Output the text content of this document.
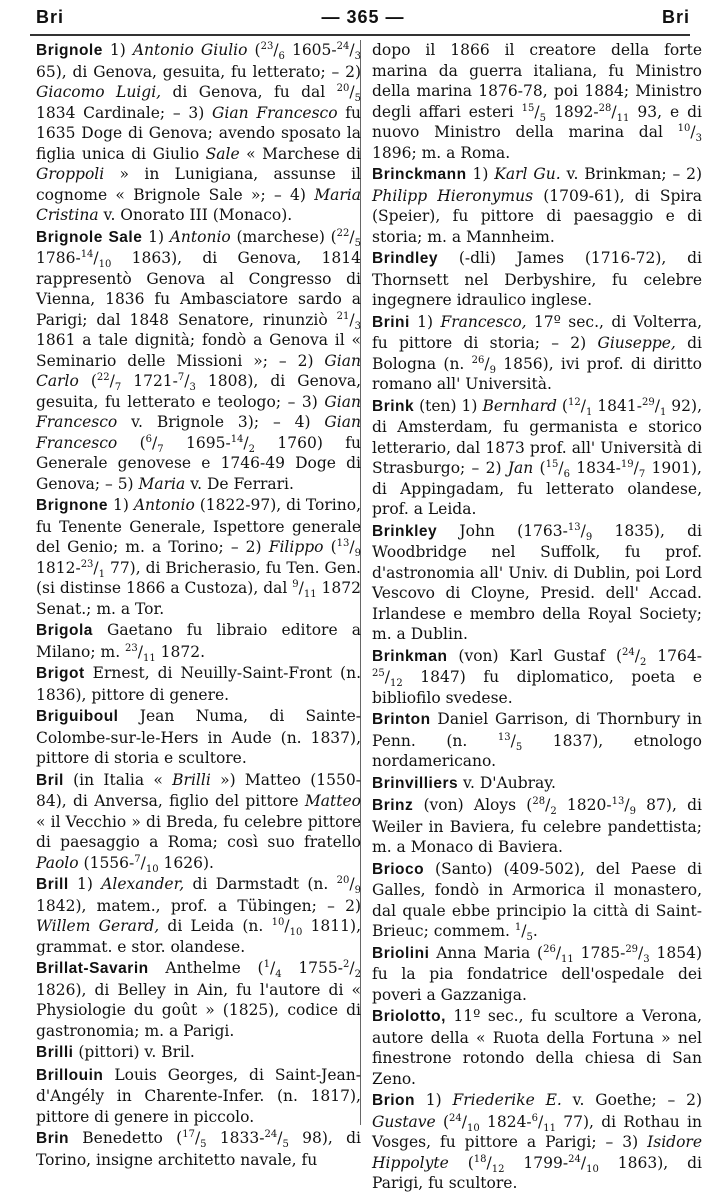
Bri	— 365 —	Bri
Brignole 1) Antonio Giulio ($^{23}/_6$ $1605-^{24}/_3$ 65), di Genova, gesuita, fu letterato; – 2) Giacomo Luigi, di Genova, fu dal $^{20}/_5$ 1834 Cardinale; – 3) Gian Francesco fu 1635 Doge di Genova; avendo sposato la figlia unica di Giulio Sale « Marchese di Groppoli » in Lunigiana, assunse il cognome « Brignole Sale »; – 4) Maria Cristina v. Onorato III (Monaco).
Brignole Sale 1) Antonio (marchese) ($^{22}/_5$ $1786-^{14}/_{10}$ 1863), di Genova, 1814 rappresentò Genova al Congresso di Vienna, 1836 fu Ambasciatore sardo a Parigi; dal 1848 Senatore, rinunziò $^{21}/_3$ 1861 a tale dignità; fondò a Genova il « Seminario delle Missioni »; – 2) Gian Carlo ($^{22}/_7$ $1721-^7/_3$ 1808), di Genova, gesuita, fu letterato e teologo; – 3) Gian Francesco v. Brignole 3); – 4) Gian Francesco ($^6/_7$ $1695-^{14}/_2$ 1760) fu Generale genovese e 1746-49 Doge di Genova; – 5) Maria v. De Ferrari.
Brignone 1) Antonio (1822-97), di Torino, fu Tenente Generale, Ispettore generale del Genio; m. a Torino; – 2) Filippo ($^{13}/_9$ $1812-^{23}/_1$ 77), di Bricherasio, fu Ten. Gen. (si distinse 1866 a Custoza), dal $^9/_{11}$ 1872 Senat.; m. a Tor.
Brigola Gaetano fu libraio editore a Milano; m. $^{23}/_{11}$ 1872.
Brigot Ernest, di Neuilly-Saint-Front (n. 1836), pittore di genere.
Briguiboul Jean Numa, di Sainte-Colombe-sur-le-Hers in Aude (n. 1837), pittore di storia e scultore.
Bril (in Italia « Brilli ») Matteo (1550-84), di Anversa, figlio del pittore Matteo « il Vecchio » di Breda, fu celebre pittore di paesaggio a Roma; così suo fratello Paolo ($1556-^7/_{10}$ 1626).
Brill 1) Alexander, di Darmstadt (n. $^{20}/_9$ 1842), matem., prof. a Tübingen; – 2) Willem Gerard, di Leida (n. $^{10}/_{10}$ 1811), grammat. e stor. olandese.
Brillat-Savarin Anthelme ($^1/_4$ $1755-^2/_2$ 1826), di Belley in Ain, fu l'autore di « Physiologie du goût » (1825), codice di gastronomia; m. a Parigi.
Brilli (pittori) v. Bril.
Brillouin Louis Georges, di Saint-Jean-d'Angély in Charente-Infer. (n. 1817), pittore di genere in piccolo.
Brin Benedetto ($^{17}/_5$ $1833-^{24}/_5$ 98), di Torino, insigne architetto navale, fu
dopo il 1866 il creatore della forte marina da guerra italiana, fu Ministro della marina 1876-78, poi 1884; Ministro degli affari esteri $^{15}/_5$ $1892-^{28}/_{11}$ 93, e di nuovo Ministro della marina dal $^{10}/_3$ 1896; m. a Roma.
Brinckmann 1) Karl Gu. v. Brinkman; – 2) Philipp Hieronymus (1709-61), di Spira (Speier), fu pittore di paesaggio e di storia; m. a Mannheim.
Brindley (-dli) James (1716-72), di Thornsett nel Derbyshire, fu celebre ingegnere idraulico inglese.
Brini 1) Francesco, 17º sec., di Volterra, fu pittore di storia; – 2) Giuseppe, di Bologna (n. $^{26}/_9$ 1856), ivi prof. di diritto romano all' Università.
Brink (ten) 1) Bernhard ($^{12}/_1$ $1841-^{29}/_1$ 92), di Amsterdam, fu germanista e storico letterario, dal 1873 prof. all' Università di Strasburgo; – 2) Jan ($^{15}/_6$ $1834-^{19}/_7$ 1901), di Appingadam, fu letterato olandese, prof. a Leida.
Brinkley John ($1763-^{13}/_9$ 1835), di Woodbridge nel Suffolk, fu prof. d'astronomia all' Univ. di Dublin, poi Lord Vescovo di Cloyne, Presid. dell' Accad. Irlandese e membro della Royal Society; m. a Dublin.
Brinkman (von) Karl Gustaf ($^{24}/_2$ $1764-^{25}/_{12}$ 1847) fu diplomatico, poeta e bibliofilo svedese.
Brinton Daniel Garrison, di Thornbury in Penn. (n. $^{13}/_5$ 1837), etnologo nordamericano.
Brinvilliers v. D'Aubray.
Brinz (von) Aloys ($^{28}/_2$ $1820-^{13}/_9$ 87), di Weiler in Baviera, fu celebre pandettista; m. a Monaco di Baviera.
Brioco (Santo) (409-502), del Paese di Galles, fondò in Armorica il monastero, dal quale ebbe principio la città di Saint-Brieuc; commem. $^1/_5$.
Briolini Anna Maria ($^{26}/_{11}$ $1785-^{29}/_3$ 1854) fu la pia fondatrice dell'ospedale dei poveri a Gazzaniga.
Briolotto, 11º sec., fu scultore a Verona, autore della « Ruota della Fortuna » nel finestrone rotondo della chiesa di San Zeno.
Brion 1) Friederike E. v. Goethe; – 2) Gustave ($^{24}/_{10}$ $1824-^6/_{11}$ 77), di Rothau in Vosges, fu pittore a Parigi; – 3) Isidore Hippolyte ($^{18}/_{12}$ $1799-^{24}/_{10}$ 1863), di Parigi, fu scultore.
